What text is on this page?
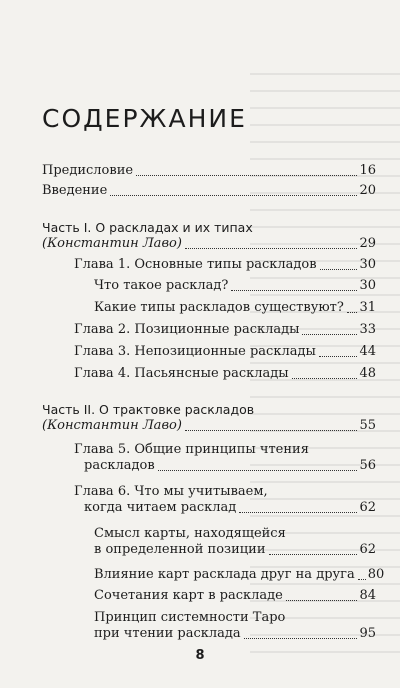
СОДЕРЖАНИЕ
Предисловие	16
Введение	20
Часть I. О раскладах и их типах
(Константин Лаво)	29
Глава 1. Основные типы раскладов	30
Что такое расклад?	30
Какие типы раскладов существуют? 31
Глава 2. Позиционные расклады	33
Глава 3. Непозиционные расклады	44
Глава 4. Пасьянсные расклады	48
Часть II. О трактовке раскладов
(Константин Лаво)	55
Глава 5. Общие принципы чтения
раскладов	56
Глава 6. Что мы учитываем,
когда читаем расклад	62
Смысл карты, находящейся
в определенной позиции	62
Влияние карт расклада друг на друга 80
Сочетания карт в раскладе	84
Принцип системности Таро
при чтении расклада	95
8
